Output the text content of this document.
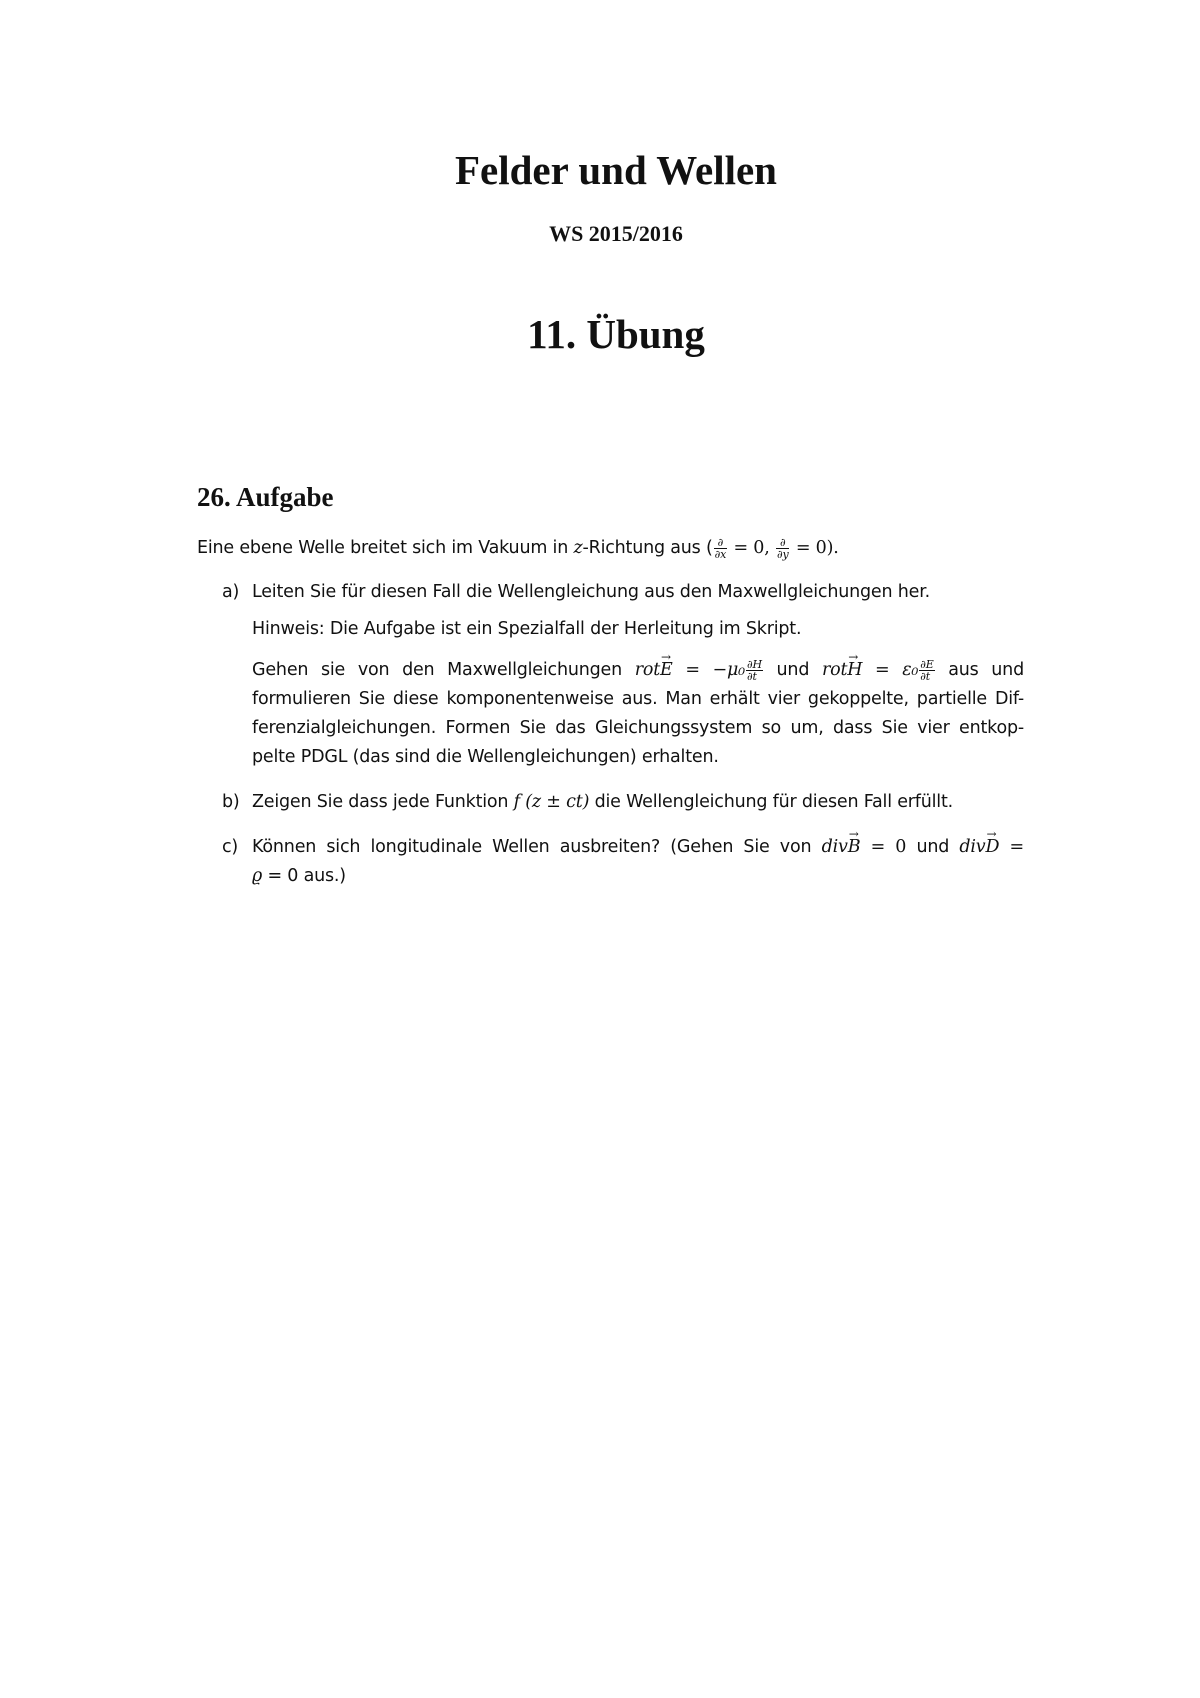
Felder und Wellen
WS 2015/2016
11. Übung
26. Aufgabe
Eine ebene Welle breitet sich im Vakuum in z-Richtung aus ( $\frac{\partial}{\partial x} = 0$, $\frac{\partial}{\partial y} = 0$).
a) Leiten Sie für diesen Fall die Wellengleichung aus den Maxwellgleichungen her.

Hinweis: Die Aufgabe ist ein Spezialfall der Herleitung im Skript.

Gehen sie von den Maxwellgleichungen $rot\to E = -\mu_0 \frac{\partial H}{\partial t}$ und $rot\to H = \varepsilon_0 \frac{\partial E}{\partial t}$ aus und
formulieren Sie diese komponentenweise aus. Man erhält vier gekoppelte, partielle Dif-
ferenzialgleichungen. Formen Sie das Gleichungssystem so um, dass Sie vier entkop-
pelte PDGL (das sind die Wellengleichungen) erhalten.
b) Zeigen Sie dass jede Funktion f (z ± ct) die Wellengleichung für diesen Fall erfüllt.
c) Können sich longitudinale Wellen ausbreiten? (Gehen Sie von div→ B = 0 und div→ D =
ϱ = 0 aus.)
